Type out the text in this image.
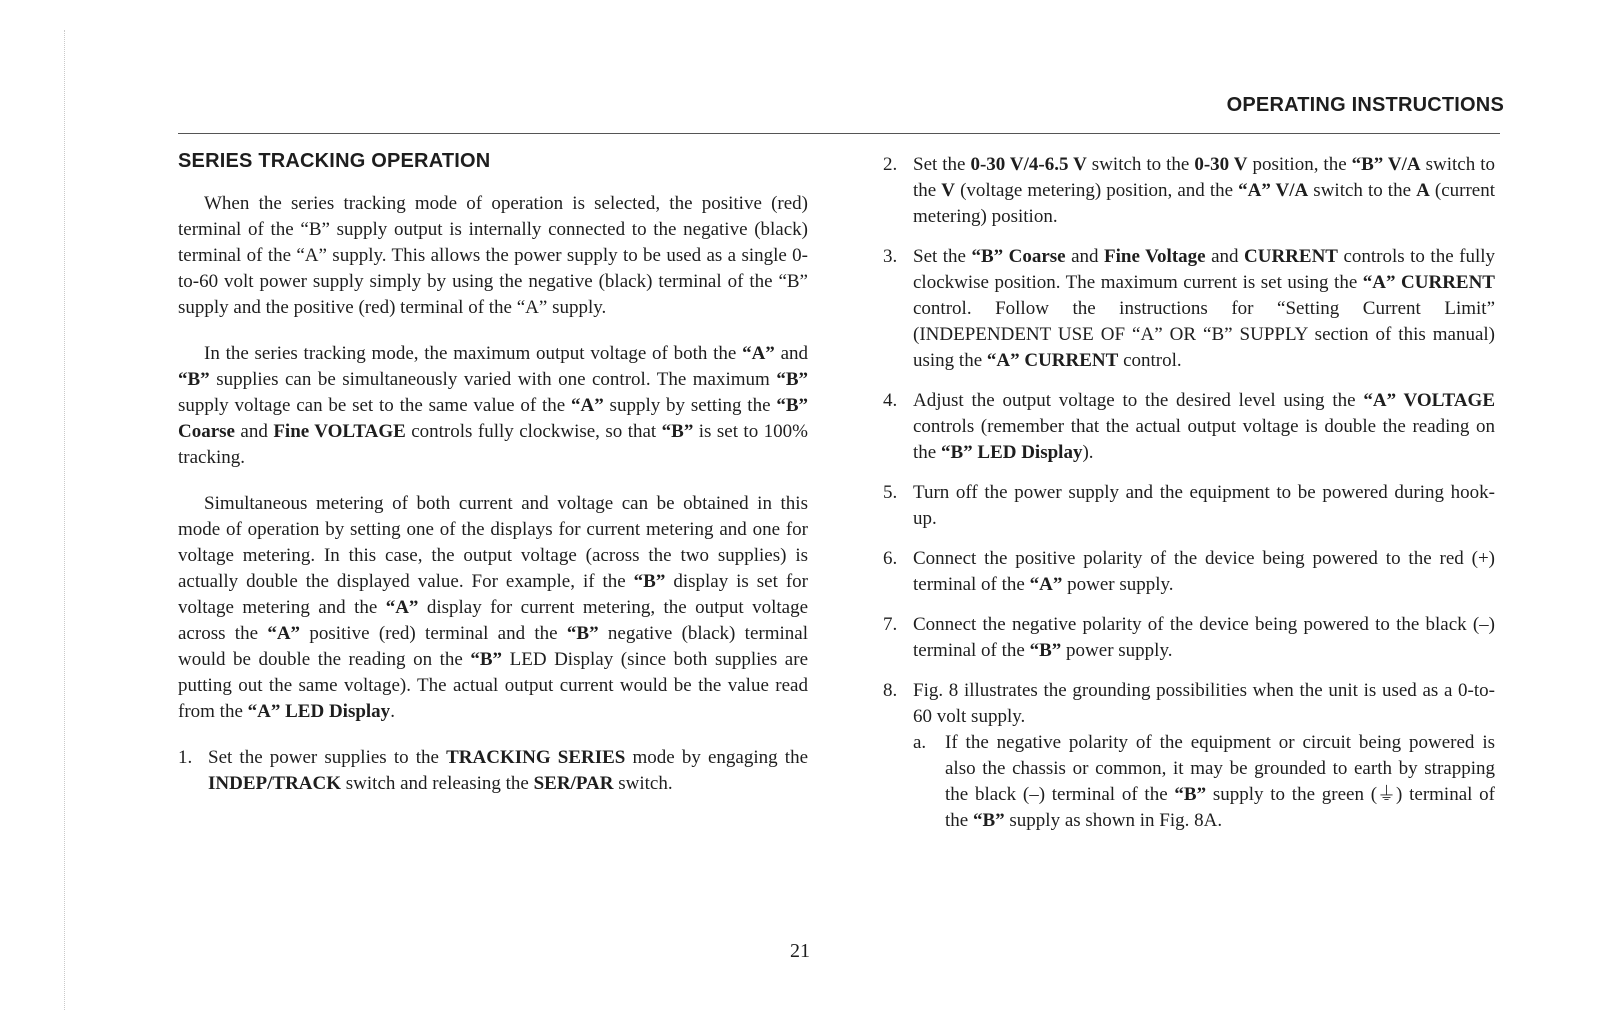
OPERATING INSTRUCTIONS
SERIES TRACKING OPERATION

When the series tracking mode of operation is selected, the positive (red) terminal of the “B” supply output is internally connected to the negative (black) terminal of the “A” supply. This allows the power supply to be used as a single 0-to-60 volt power supply simply by using the negative (black) terminal of the “B” supply and the positive (red) terminal of the “A” supply.

In the series tracking mode, the maximum output voltage of both the “A” and “B” supplies can be simultaneously varied with one control. The maximum “B” supply voltage can be set to the same value of the “A” supply by setting the “B” Coarse and Fine VOLTAGE controls fully clockwise, so that “B” is set to 100% tracking.

Simultaneous metering of both current and voltage can be obtained in this mode of operation by setting one of the displays for current metering and one for voltage metering. In this case, the output voltage (across the two supplies) is actually double the displayed value. For example, if the “B” display is set for voltage metering and the “A” display for current metering, the output voltage across the “A” positive (red) terminal and the “B” negative (black) terminal would be double the reading on the “B” LED Display (since both supplies are putting out the same voltage). The actual output current would be the value read from the “A” LED Display.

1. Set the power supplies to the TRACKING SERIES mode by engaging the INDEP/TRACK switch and releasing the SER/PAR switch.
2. Set the 0-30 V/4-6.5 V switch to the 0-30 V position, the “B” V/A switch to the V (voltage metering) position, and the “A” V/A switch to the A (current metering) position.
3. Set the “B” Coarse and Fine Voltage and CURRENT controls to the fully clockwise position. The maximum current is set using the “A” CURRENT control. Follow the instructions for “Setting Current Limit” (INDEPENDENT USE OF “A” OR “B” SUPPLY section of this manual) using the “A” CURRENT control.
4. Adjust the output voltage to the desired level using the “A” VOLTAGE controls (remember that the actual output voltage is double the reading on the “B” LED Display).
5. Turn off the power supply and the equipment to be powered during hook-up.
6. Connect the positive polarity of the device being powered to the red (+) terminal of the “A” power supply.
7. Connect the negative polarity of the device being powered to the black (–) terminal of the “B” power supply.
8. Fig. 8 illustrates the grounding possibilities when the unit is used as a 0-to-60 volt supply.
a. If the negative polarity of the equipment or circuit being powered is also the chassis or common, it may be grounded to earth by strapping the black (–) terminal of the “B” supply to the green (⏚) terminal of the “B” supply as shown in Fig. 8A.
21
